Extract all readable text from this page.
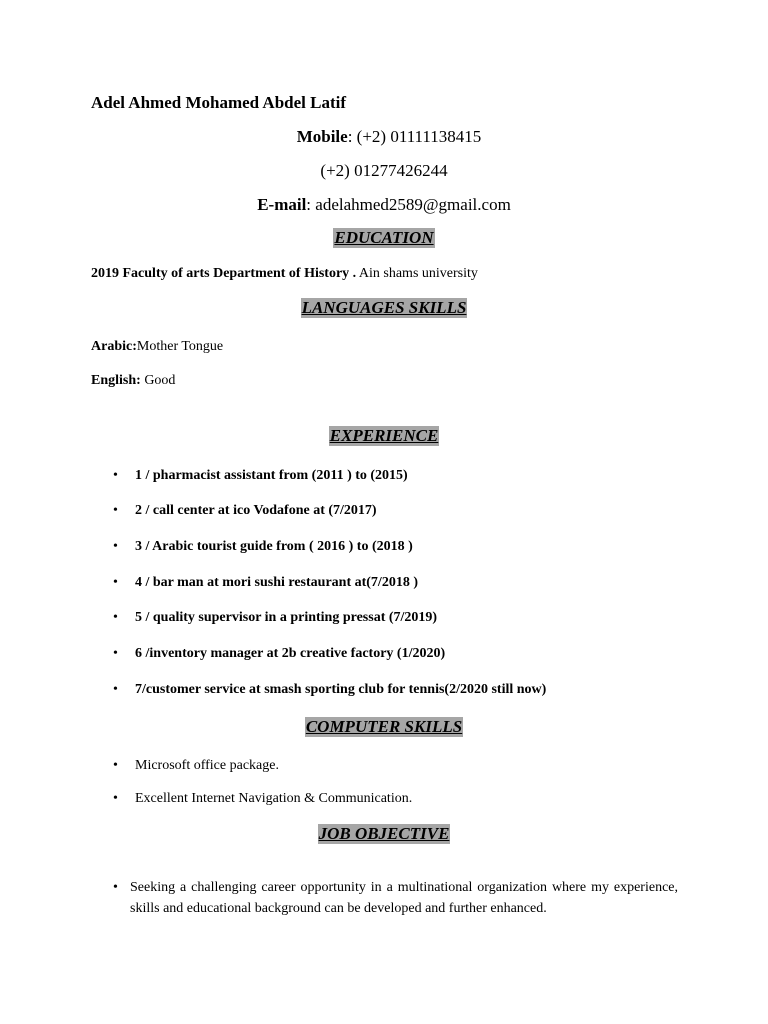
Adel Ahmed Mohamed Abdel Latif
Mobile: (+2) 01111138415
(+2) 01277426244
E-mail: adelahmed2589@gmail.com
EDUCATION
2019 Faculty of arts Department of History . Ain shams university
LANGUAGES SKILLS
Arabic:Mother Tongue
English: Good
EXPERIENCE
• 1 / pharmacist assistant from (2011 ) to (2015)
• 2 / call center at ico Vodafone at (7/2017)
• 3 / Arabic tourist guide from ( 2016 ) to (2018 )
• 4 / bar man at mori sushi restaurant at(7/2018 )
• 5 / quality supervisor in a printing pressat (7/2019)
• 6 /inventory manager at 2b creative factory (1/2020)
• 7/customer service at smash sporting club for tennis(2/2020 still now)
COMPUTER SKILLS
• Microsoft office package.
• Excellent Internet Navigation & Communication.
JOB OBJECTIVE
• Seeking a challenging career opportunity in a multinational organization where my experience, skills and educational background can be developed and further enhanced.
